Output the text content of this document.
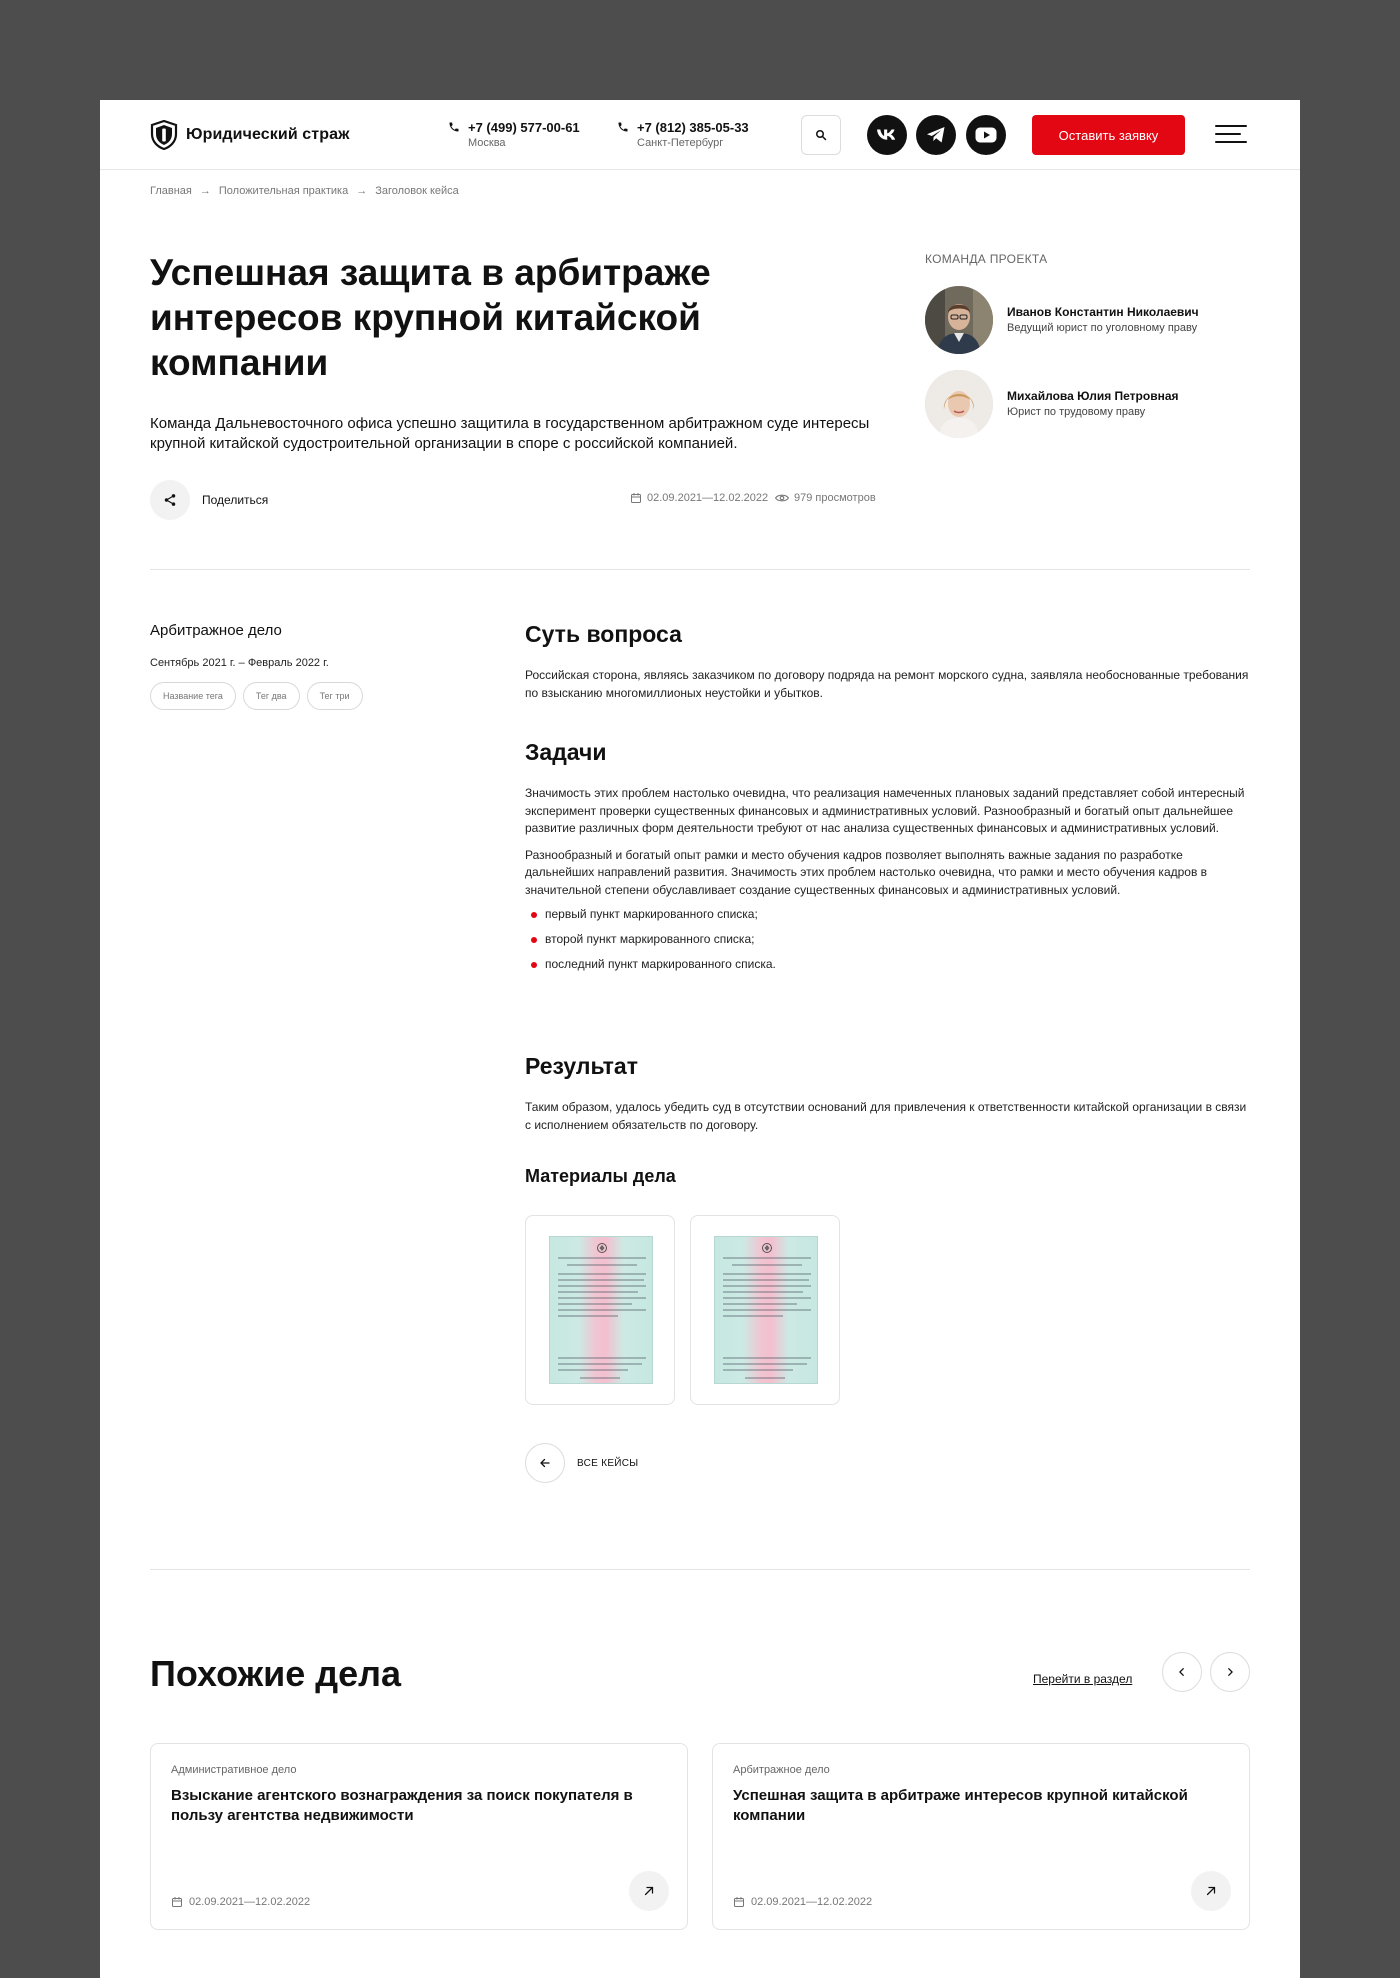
Юридический страж	+7 (499) 577-00-61
Москва
+7 (812) 385-05-33
Санкт-Петербург
Оставить заявку
Главная → Положительная практика → Заголовок кейса
Успешная защита в арбитраже интересов крупной китайской компании

Команда Дальневосточного офиса успешно защитила в государственном арбитражном суде интересы крупной китайской судостроительной организации в споре с российской компанией.

Поделиться	02.09.2021—12.02.2022 979 просмотров
КОМАНДА ПРОЕКТА
Иванов Константин Николаевич
Ведущий юрист по уголовному праву
Михайлова Юлия Петровная
Юрист по трудовому праву
Арбитражное дело
Сентябрь 2021 г. – Февраль 2022 г.
Название тега	Тег два	Тег три
Суть вопроса

Российская сторона, являясь заказчиком по договору подряда на ремонт морского судна, заявляла необоснованные требования по взысканию многомиллионых неустойки и убытков.

Задачи

Значимость этих проблем настолько очевидна, что реализация намеченных плановых заданий представляет собой интересный эксперимент проверки существенных финансовых и административных условий. Разнообразный и богатый опыт дальнейшее развитие различных форм деятельности требуют от нас анализа существенных финансовых и административных условий.

Разнообразный и богатый опыт рамки и место обучения кадров позволяет выполнять важные задания по разработке дальнейших направлений развития. Значимость этих проблем настолько очевидна, что рамки и место обучения кадров в значительной степени обуславливает создание существенных финансовых и административных условий.

первый пункт маркированного списка;
второй пункт маркированного списка;
последний пункт маркированного списка.
Результат

Таким образом, удалось убедить суд в отсутствии оснований для привлечения к ответственности китайской организации в связи с исполнением обязательств по договору.

Материалы дела
ВСЕ КЕЙСЫ
Похожие дела	Перейти в раздел
Административное дело
Взыскание агентского вознаграждения за поиск покупателя в пользу агентства недвижимости
02.09.2021—12.02.2022
Арбитражное дело
Успешная защита в арбитраже интересов крупной китайской компании
02.09.2021—12.02.2022
